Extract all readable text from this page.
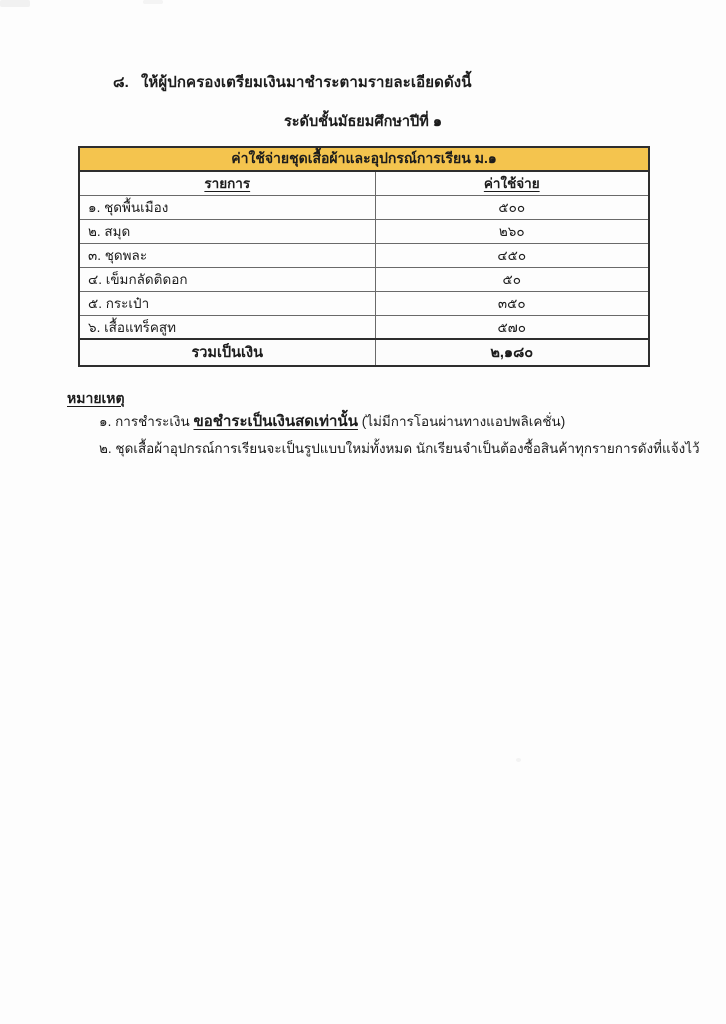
๘. ให้ผู้ปกครองเตรียมเงินมาชำระตามรายละเอียดดังนี้
ระดับชั้นมัธยมศึกษาปีที่ ๑
ค่าใช้จ่ายชุดเสื้อผ้าและอุปกรณ์การเรียน ม.๑	
รายการ	ค่าใช้จ่าย
๑. ชุดพื้นเมือง	๕๐๐
๒. สมุด	๒๖๐
๓. ชุดพละ	๔๕๐
๔. เข็มกลัดติดอก	๕๐
๕. กระเป๋า	๓๕๐
๖. เสื้อแทร็คสูท	๕๗๐
รวมเป็นเงิน	๒,๑๘๐
หมายเหตุ
๑. การชำระเงิน ขอชำระเป็นเงินสดเท่านั้น (ไม่มีการโอนผ่านทางแอปพลิเคชั่น)
๒. ชุดเสื้อผ้าอุปกรณ์การเรียนจะเป็นรูปแบบใหม่ทั้งหมด นักเรียนจำเป็นต้องซื้อสินค้าทุกรายการดังที่แจ้งไว้
